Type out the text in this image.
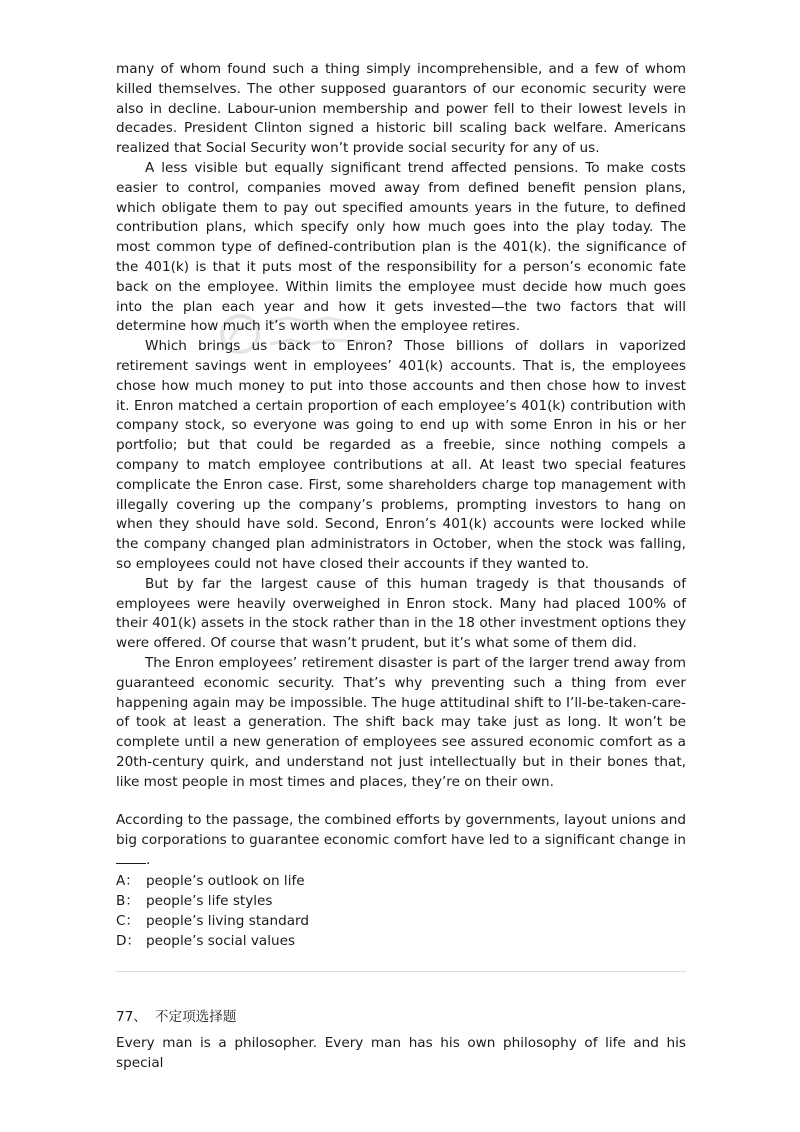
many of whom found such a thing simply incomprehensible, and a few of whom killed themselves. The other supposed guarantors of our economic security were also in decline. Labour-union membership and power fell to their lowest levels in decades. President Clinton signed a historic bill scaling back welfare. Americans realized that Social Security won’t provide social security for any of us.

A less visible but equally significant trend affected pensions. To make costs easier to control, companies moved away from defined benefit pension plans, which obligate them to pay out specified amounts years in the future, to defined contribution plans, which specify only how much goes into the play today. The most common type of defined-contribution plan is the 401(k). the significance of the 401(k) is that it puts most of the responsibility for a person’s economic fate back on the employee. Within limits the employee must decide how much goes into the plan each year and how it gets invested—the two factors that will determine how much it’s worth when the employee retires.

Which brings us back to Enron? Those billions of dollars in vaporized retirement savings went in employees’ 401(k) accounts. That is, the employees chose how much money to put into those accounts and then chose how to invest it. Enron matched a certain proportion of each employee’s 401(k) contribution with company stock, so everyone was going to end up with some Enron in his or her portfolio; but that could be regarded as a freebie, since nothing compels a company to match employee contributions at all. At least two special features complicate the Enron case. First, some shareholders charge top management with illegally covering up the company’s problems, prompting investors to hang on when they should have sold. Second, Enron’s 401(k) accounts were locked while the company changed plan administrators in October, when the stock was falling, so employees could not have closed their accounts if they wanted to.

But by far the largest cause of this human tragedy is that thousands of employees were heavily overweighed in Enron stock. Many had placed 100% of their 401(k) assets in the stock rather than in the 18 other investment options they were offered. Of course that wasn’t prudent, but it’s what some of them did.

The Enron employees’ retirement disaster is part of the larger trend away from guaranteed economic security. That’s why preventing such a thing from ever happening again may be impossible. The huge attitudinal shift to I’ll-be-taken-care-of took at least a generation. The shift back may take just as long. It won’t be complete until a new generation of employees see assured economic comfort as a 20th-century quirk, and understand not just intellectually but in their bones that, like most people in most times and places, they’re on their own.

According to the passage, the combined efforts by governments, layout unions and big corporations to guarantee economic comfort have led to a significant change in .

A： people’s outlook on life

B： people’s life styles

C： people’s living standard

D： people’s social values

77、 不定项选择题

Every man is a philosopher. Every man has his own philosophy of life and his special
